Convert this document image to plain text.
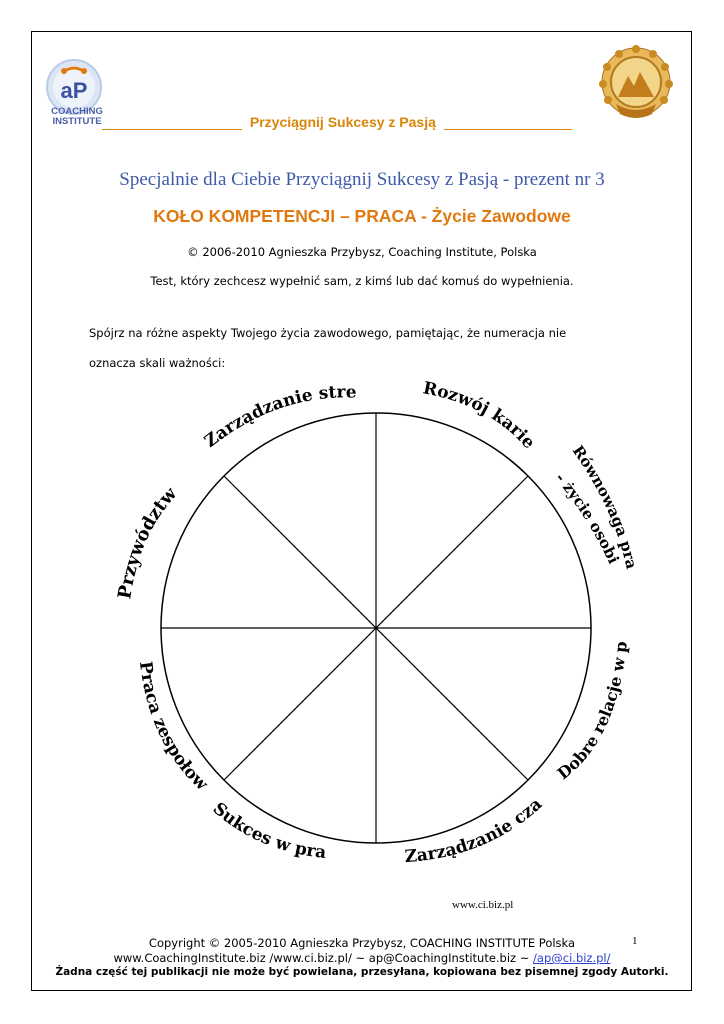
aP
COACHING
INSTITUTE	Przyciągnij Sukcesy z Pasją
Specjalnie dla Ciebie Przyciągnij Sukcesy z Pasją - prezent nr 3
KOŁO KOMPETENCJI – PRACA - Życie Zawodowe
© 2006-2010 Agnieszka Przybysz, Coaching Institute, Polska
Test, który zechcesz wypełnić sam, z kimś lub dać komuś do wypełnienia.
Spójrz na różne aspekty Twojego życia zawodowego, pamiętając, że numeracja nie
oznacza skali ważności:
Zarządzanie stre	Rozwój karie	Równowaga pra
- życie osobi
Przywództw
Praca zespołow	Dobre relacje w p
Sukces w pra	Zarządzanie cza
www.ci.biz.pl
Copyright © 2005-2010 Agnieszka Przybysz, COACHING INSTITUTE Polska	1
www.CoachingInstitute.biz /www.ci.biz.pl/ ~ ap@CoachingInstitute.biz ~ /ap@ci.biz.pl/
Żadna część tej publikacji nie może być powielana, przesyłana, kopiowana bez pisemnej zgody Autorki.
